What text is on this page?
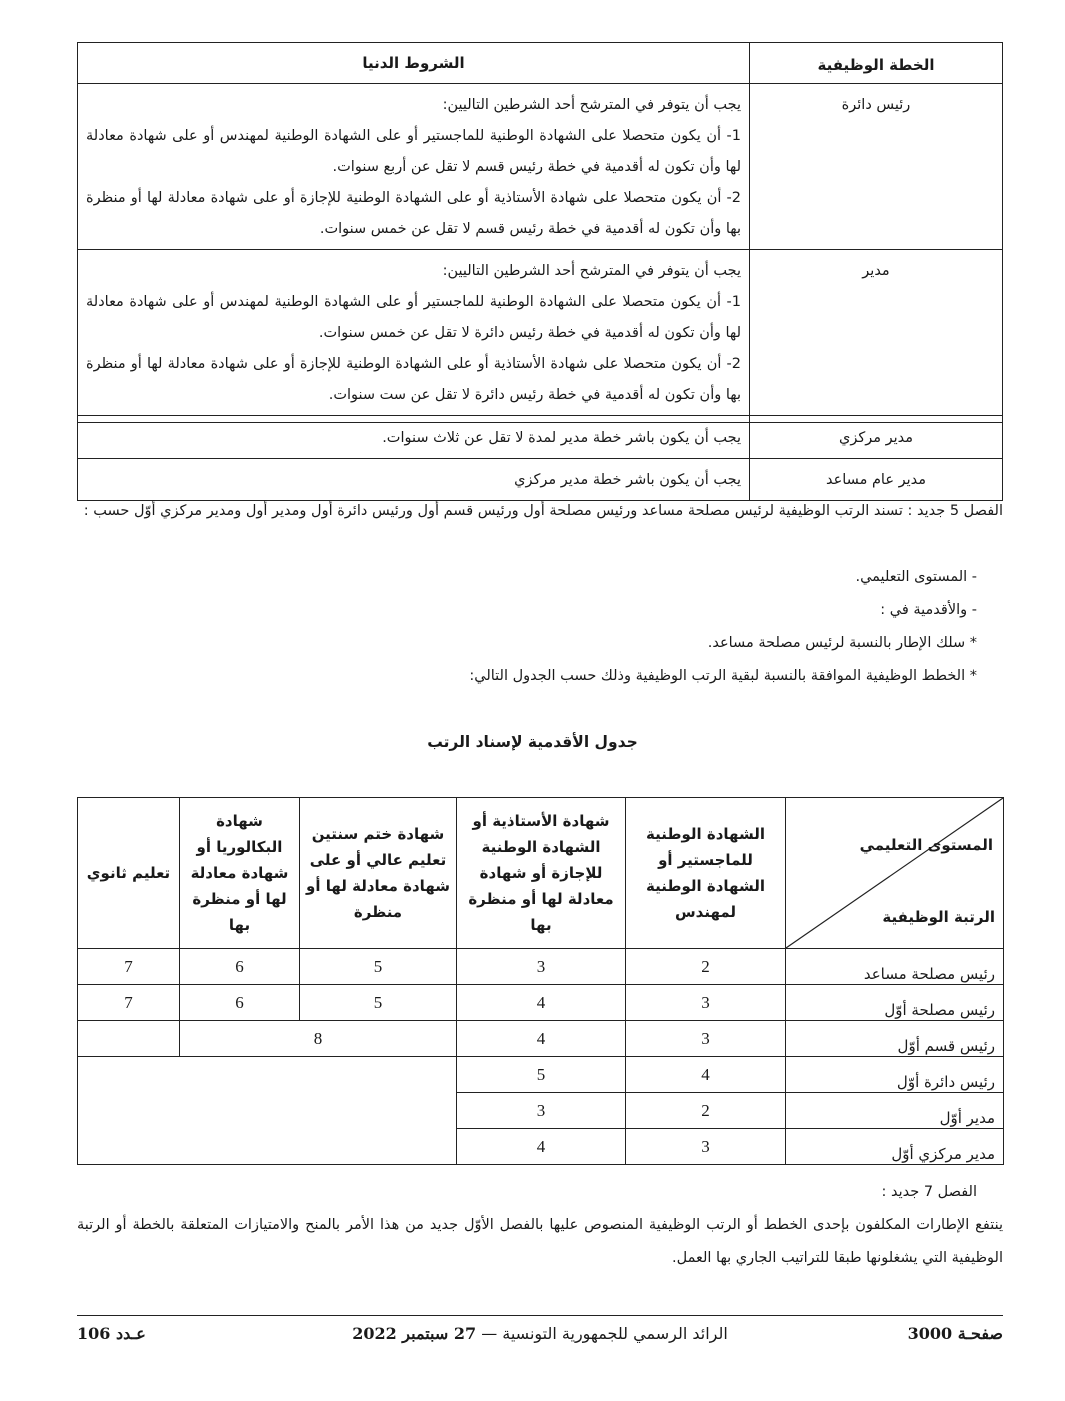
الخطة الوظيفية	الشروط الدنيا
رئيس دائرة	يجب أن يتوفر في المترشح أحد الشرطين التاليين:

1- أن يكون متحصلا على الشهادة الوطنية للماجستير أو على الشهادة الوطنية لمهندس أو على شهادة معادلة لها وأن تكون له أقدمية في خطة رئيس قسم لا تقل عن أربع سنوات.

2- أن يكون متحصلا على شهادة الأستاذية أو على الشهادة الوطنية للإجازة أو على شهادة معادلة لها أو منظرة بها وأن تكون له أقدمية في خطة رئيس قسم لا تقل عن خمس سنوات.

مدير	يجب أن يتوفر في المترشح أحد الشرطين التاليين:

1- أن يكون متحصلا على الشهادة الوطنية للماجستير أو على الشهادة الوطنية لمهندس أو على شهادة معادلة لها وأن تكون له أقدمية في خطة رئيس دائرة لا تقل عن خمس سنوات.

2- أن يكون متحصلا على شهادة الأستاذية أو على الشهادة الوطنية للإجازة أو على شهادة معادلة لها أو منظرة بها وأن تكون له أقدمية في خطة رئيس دائرة لا تقل عن ست سنوات.

مدير مركزي	يجب أن يكون باشر خطة مدير لمدة لا تقل عن ثلاث سنوات.

مدير عام مساعد	يجب أن يكون باشر خطة مدير مركزي

الفصل 5 جديد : تسند الرتب الوظيفية لرئيس مصلحة مساعد ورئيس مصلحة أول ورئيس قسم أول ورئيس دائرة أول ومدير أول ومدير مركزي أوّل حسب :

- المستوى التعليمي.

- والأقدمية في :

* سلك الإطار بالنسبة لرئيس مصلحة مساعد.

* الخطط الوظيفية الموافقة بالنسبة لبقية الرتب الوظيفية وذلك حسب الجدول التالي:

جدول الأقدمية لإسناد الرتب

المستوى التعليمي
الرتبة الوظيفية	الشهادة الوطنية للماجستير أو الشهادة الوطنية لمهندس	شهادة الأستاذية أو الشهادة الوطنية للإجازة أو شهادة معادلة لها أو منظرة بها	شهادة ختم سنتين تعليم عالي أو على شهادة معادلة لها أو منظرة	شهادة البكالوريا أو شهادة معادلة لها أو منظرة بها	تعليم ثانوي
رئيس مصلحة مساعد	2	3	5	6	7
رئيس مصلحة أوّل	3	4	5	6	7
رئيس قسم أوّل	3	4	8		
رئيس دائرة أوّل	4	5			
مدير أوّل	2	3			
مدير مركزي أوّل	3	4			

الفصل 7 جديد :

ينتفع الإطارات المكلفون بإحدى الخطط أو الرتب الوظيفية المنصوص عليها بالفصل الأوّل جديد من هذا الأمر بالمنح والامتيازات المتعلقة بالخطة أو الرتبة الوظيفية التي يشغلونها طبقا للتراتيب الجاري بها العمل.

صفحـة 3000
الرائد الرسمي للجمهورية التونسية — 27 سبتمبر 2022
عـدد 106
